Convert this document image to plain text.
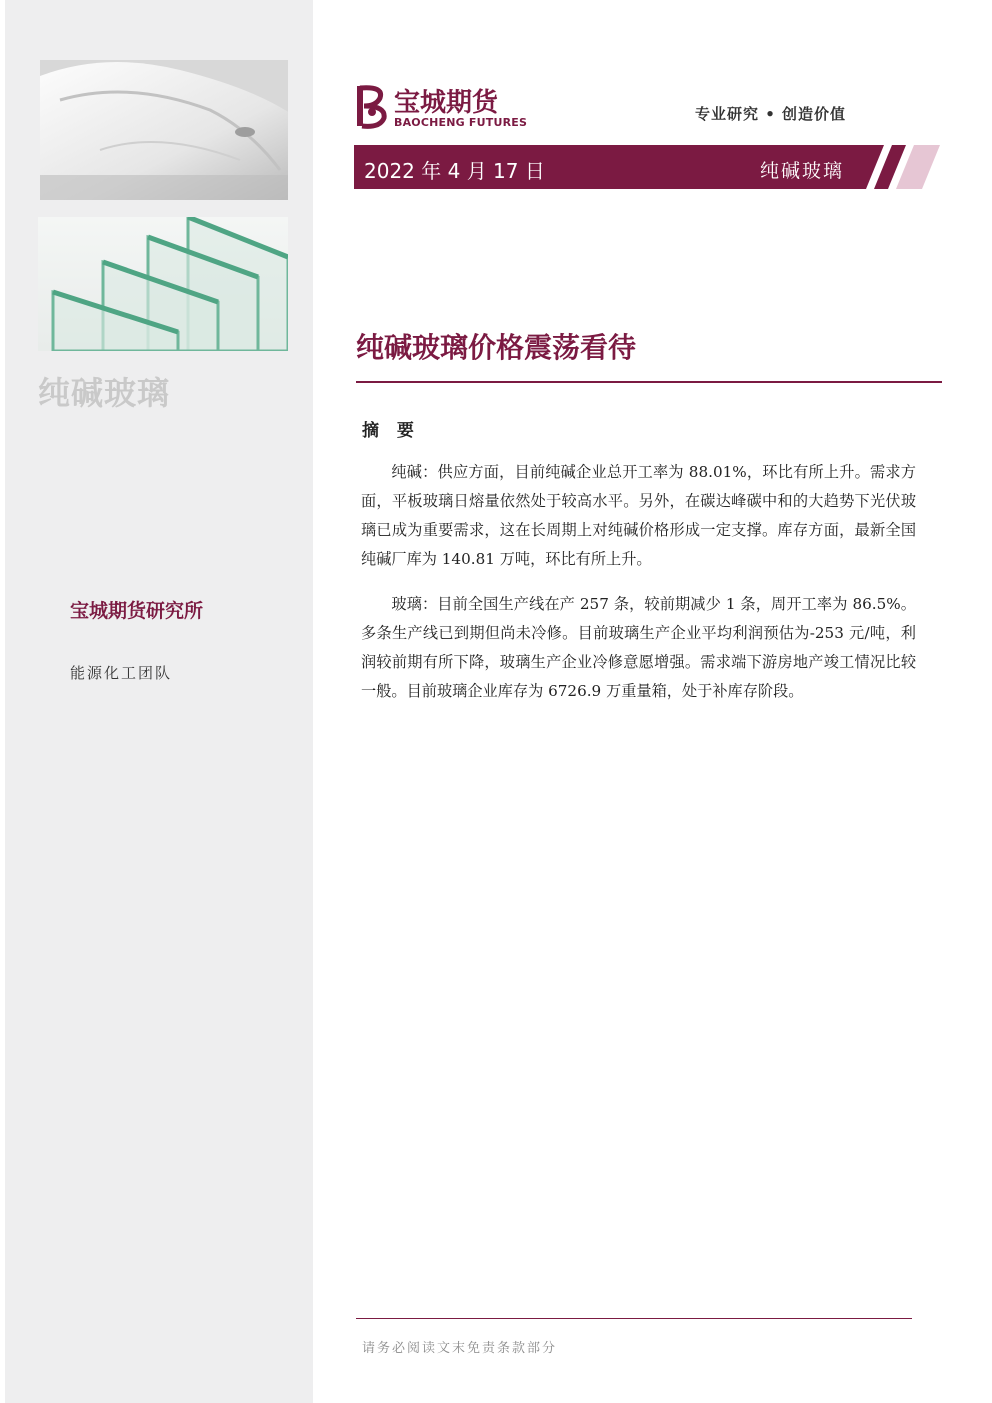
纯碱玻璃
宝城期货研究所
能源化工团队
宝城期货
BAOCHENG FUTURES	专业研究 • 创造价值
2022 年 4 月 17 日	纯碱玻璃
纯碱玻璃价格震荡看待
摘 要

纯碱：供应方面，目前纯碱企业总开工率为 88.01%，环比有所上升。需求方面，平板玻璃日熔量依然处于较高水平。另外，在碳达峰碳中和的大趋势下光伏玻璃已成为重要需求，这在长周期上对纯碱价格形成一定支撑。库存方面，最新全国纯碱厂库为 140.81 万吨，环比有所上升。

玻璃：目前全国生产线在产 257 条，较前期减少 1 条，周开工率为 86.5%。多条生产线已到期但尚未冷修。目前玻璃生产企业平均利润预估为-253 元/吨，利润较前期有所下降，玻璃生产企业冷修意愿增强。需求端下游房地产竣工情况比较一般。目前玻璃企业库存为 6726.9 万重量箱，处于补库存阶段。

请务必阅读文末免责条款部分
